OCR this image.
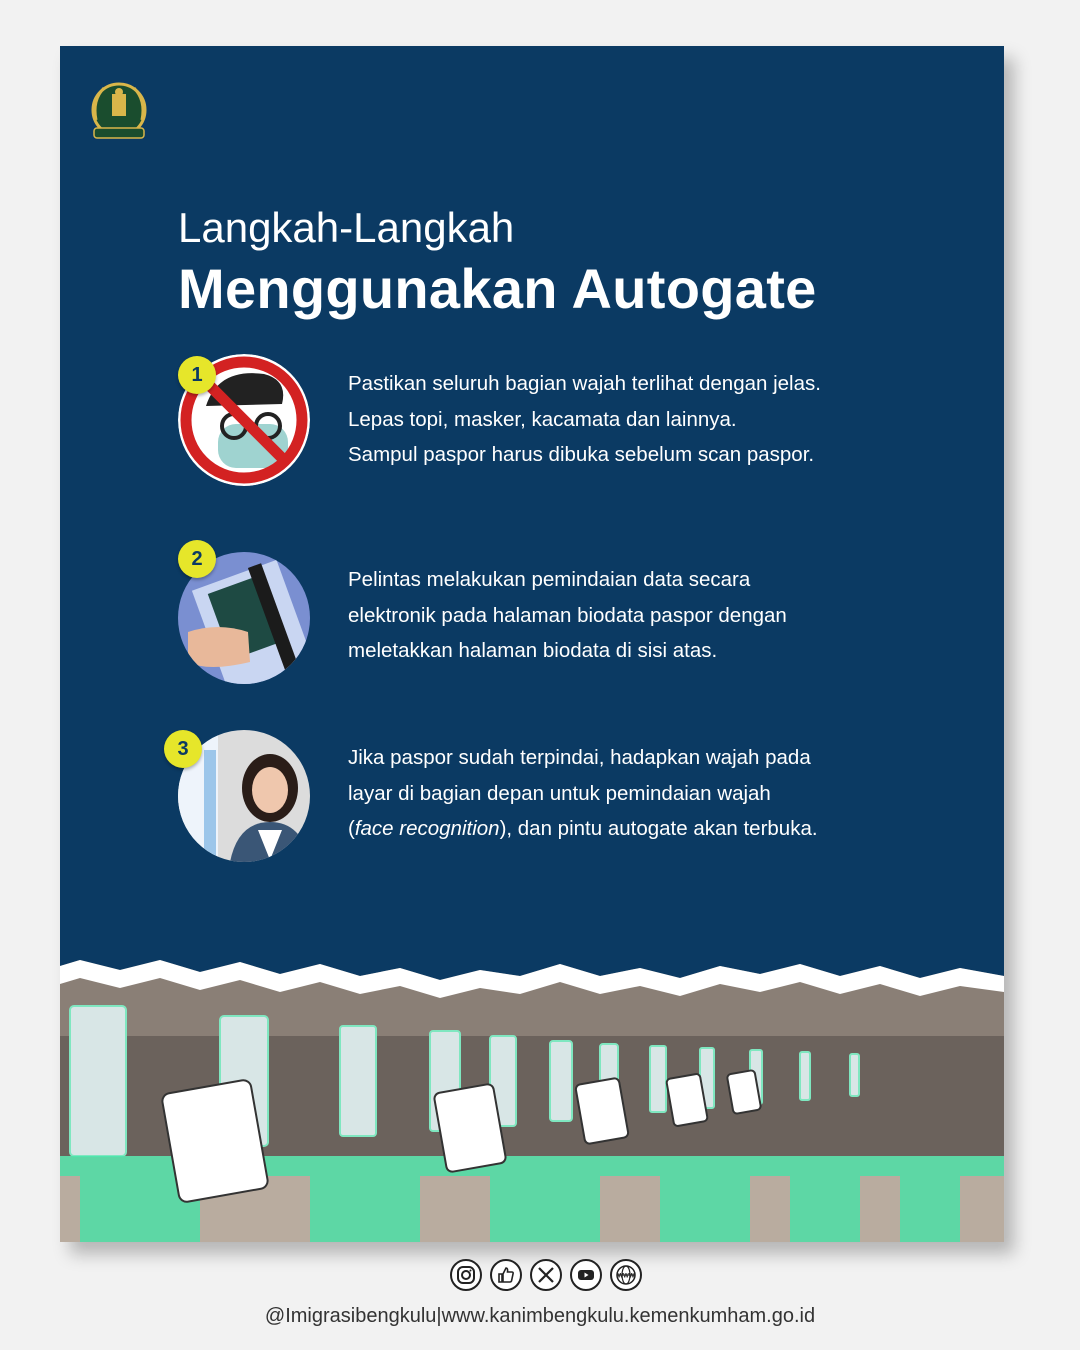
Langkah-Langkah
Menggunakan Autogate
1	Pastikan seluruh bagian wajah terlihat dengan jelas.
Lepas topi, masker, kacamata dan lainnya.
Sampul paspor harus dibuka sebelum scan paspor.
2
Pelintas melakukan pemindaian data secara
elektronik pada halaman biodata paspor dengan
meletakkan halaman biodata di sisi atas.
3	Jika paspor sudah terpindai, hadapkan wajah pada
layar di bagian depan untuk pemindaian wajah
(face recognition), dan pintu autogate akan terbuka.
WWW
@Imigrasibengkulu|www.kanimbengkulu.kemenkumham.go.id
